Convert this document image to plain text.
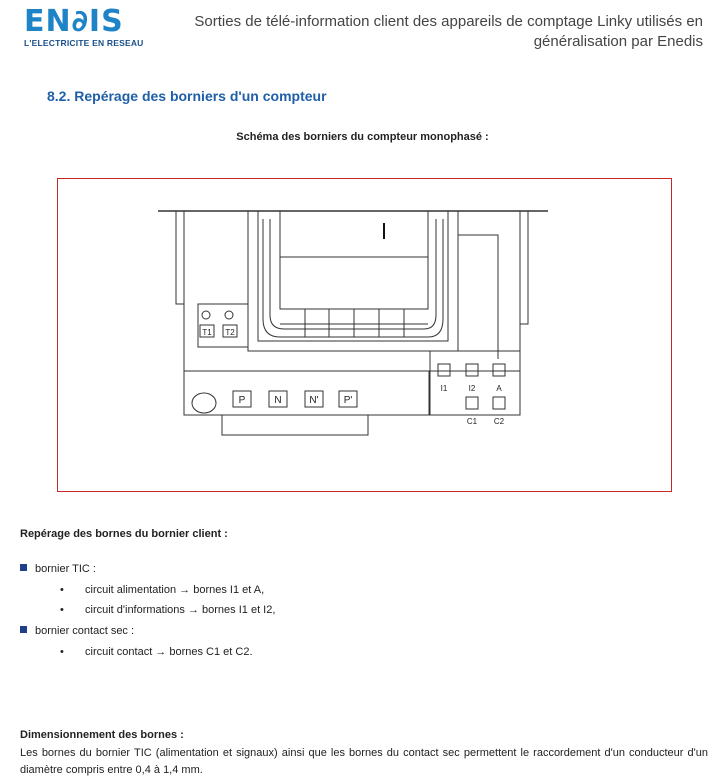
EN∂IS
L'ELECTRICITE EN RESEAU
Sorties de télé-information client des appareils de comptage Linky utilisés en généralisation par Enedis
8.2. Repérage des borniers d'un compteur
Schéma des borniers du compteur monophasé :
T1 T2
P	N	N'	P'
I1	I2	A
C1 C2
Repérage des bornes du bornier client :
bornier TIC :
• circuit alimentation → bornes I1 et A,
• circuit d'informations → bornes I1 et I2,
bornier contact sec :
• circuit contact → bornes C1 et C2.
Dimensionnement des bornes :
Les bornes du bornier TIC (alimentation et signaux) ainsi que les bornes du contact sec permettent le raccordement d'un conducteur d'un diamètre compris entre 0,4 à 1,4 mm.
